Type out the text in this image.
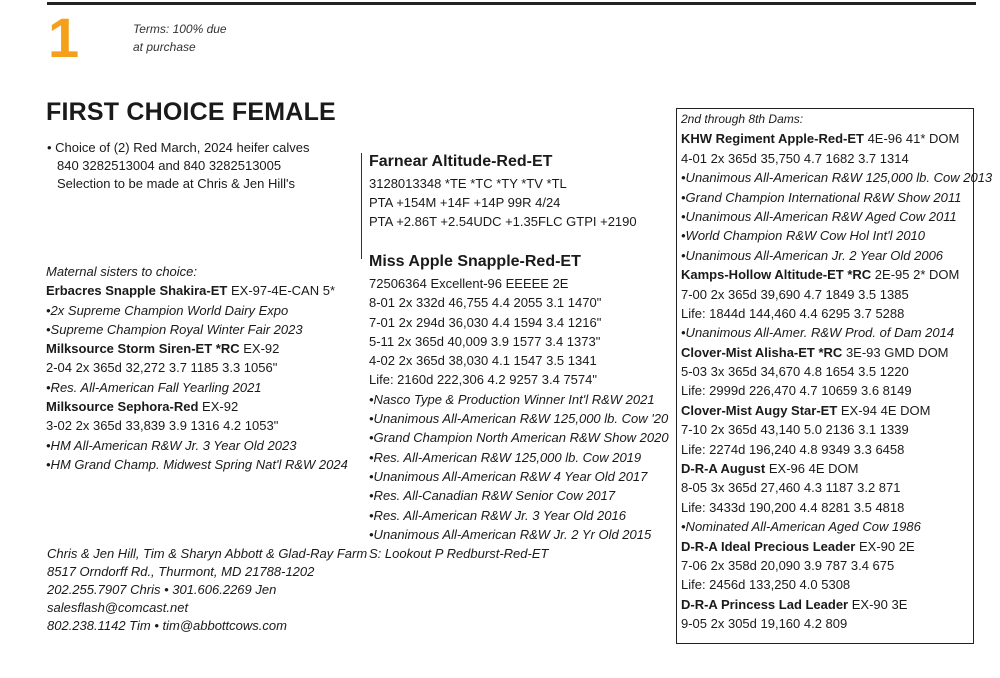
1	Terms: 100% due
at purchase
FIRST CHOICE FEMALE
• Choice of (2) Red March, 2024 heifer calves
840 3282513004 and 840 3282513005
Selection to be made at Chris & Jen Hill's
Maternal sisters to choice:
Erbacres Snapple Shakira-ET EX-97-4E-CAN 5*
•2x Supreme Champion World Dairy Expo
•Supreme Champion Royal Winter Fair 2023
Milksource Storm Siren-ET *RC EX-92
2-04 2x 365d 32,272 3.7 1185 3.3 1056"
•Res. All-American Fall Yearling 2021
Milksource Sephora-Red EX-92
3-02 2x 365d 33,839 3.9 1316 4.2 1053"
•HM All-American R&W Jr. 3 Year Old 2023
•HM Grand Champ. Midwest Spring Nat'l R&W 2024
Chris & Jen Hill, Tim & Sharyn Abbott & Glad-Ray Farm
8517 Orndorff Rd., Thurmont, MD 21788-1202
202.255.7907 Chris • 301.606.2269 Jen
salesflash@comcast.net
802.238.1142 Tim • tim@abbottcows.com
Farnear Altitude-Red-ET
3128013348 *TE *TC *TY *TV *TL
PTA +154M +14F +14P 99R 4/24
PTA +2.86T +2.54UDC +1.35FLC GTPI +2190
Miss Apple Snapple-Red-ET
72506364 Excellent-96 EEEEE 2E
8-01 2x 332d 46,755 4.4 2055 3.1 1470"
7-01 2x 294d 36,030 4.4 1594 3.4 1216"
5-11 2x 365d 40,009 3.9 1577 3.4 1373"
4-02 2x 365d 38,030 4.1 1547 3.5 1341
Life: 2160d 222,306 4.2 9257 3.4 7574"
•Nasco Type & Production Winner Int'l R&W 2021
•Unanimous All-American R&W 125,000 lb. Cow '20
•Grand Champion North American R&W Show 2020
•Res. All-American R&W 125,000 lb. Cow 2019
•Unanimous All-American R&W 4 Year Old 2017
•Res. All-Canadian R&W Senior Cow 2017
•Res. All-American R&W Jr. 3 Year Old 2016
•Unanimous All-American R&W Jr. 2 Yr Old 2015
S: Lookout P Redburst-Red-ET
2nd through 8th Dams:
KHW Regiment Apple-Red-ET 4E-96 41* DOM
4-01 2x 365d 35,750 4.7 1682 3.7 1314
•Unanimous All-American R&W 125,000 lb. Cow 2013
•Grand Champion International R&W Show 2011
•Unanimous All-American R&W Aged Cow 2011
•World Champion R&W Cow Hol Int'l 2010
•Unanimous All-American Jr. 2 Year Old 2006
Kamps-Hollow Altitude-ET *RC 2E-95 2* DOM
7-00 2x 365d 39,690 4.7 1849 3.5 1385
Life: 1844d 144,460 4.4 6295 3.7 5288
•Unanimous All-Amer. R&W Prod. of Dam 2014
Clover-Mist Alisha-ET *RC 3E-93 GMD DOM
5-03 3x 365d 34,670 4.8 1654 3.5 1220
Life: 2999d 226,470 4.7 10659 3.6 8149
Clover-Mist Augy Star-ET EX-94 4E DOM
7-10 2x 365d 43,140 5.0 2136 3.1 1339
Life: 2274d 196,240 4.8 9349 3.3 6458
D-R-A August EX-96 4E DOM
8-05 3x 365d 27,460 4.3 1187 3.2 871
Life: 3433d 190,200 4.4 8281 3.5 4818
•Nominated All-American Aged Cow 1986
D-R-A Ideal Precious Leader EX-90 2E
7-06 2x 358d 20,090 3.9 787 3.4 675
Life: 2456d 133,250 4.0 5308
D-R-A Princess Lad Leader EX-90 3E
9-05 2x 305d 19,160 4.2 809
